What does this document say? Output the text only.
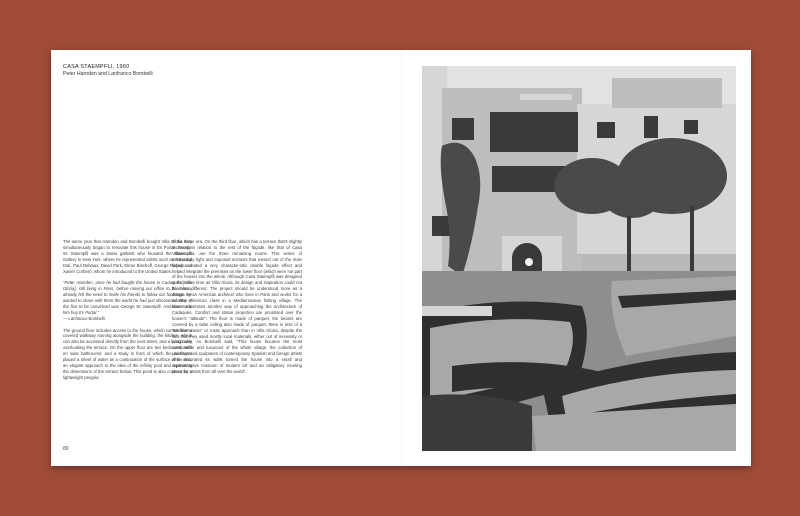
CASA STAEMPFLI, 1960
Peter Harnden and Lanfranco Bombelli

The same year that Harnden and Bombelli bought Villa Gloria they simultaneously began to renovate this house in Es Portal. George W. Staempfli was a Swiss gallerist who founded the Staempfli Gallery in New York, where he represented artists such as Salvador Dalí, Paul Delvaux, David Park, Elmer Bischoff, George Rickey, and Xavier Corberó, whom he introduced to the United States.

"Peter Harnden, once he had bought the house in Cadaqués [Villa Gloria], still living in Paris, before moving our office to Barcelona, already felt the need to invite his friends to follow our footsteps. He wanted to share with them the world he had just discovered. One of the first to be convinced was George W. Staempfli. Harnden made him buy Es Portal."

— Lanfranco Bombelli

The ground floor includes access to the house, which comes from a covered walkway running alongside the building, the kitchen, which can also be accessed directly from the next street, and a living room overlooking the terrace. On the upper floor are two bedrooms, with en suite bathrooms, and a study in front of which the architects placed a sheet of water as a continuation of the surface of the sea, an elegant approach to the idea of the infinity pool and replicating the dimensions of the terrace below. This pond is also covered by a lightweight pergola

of the same era. On the third floor, which has a terrace that's slightly recessed in relation to the rest of the façade, like that of Casa Villavecchia, are the three remaining rooms. This series of increasingly light and exposed terraces that extend out of the main façade created a very character-istic double façade effect and helped integrate the premises on the lower floor (which were not part of the house) into the whole. Although Casa Staempfli was designed at the same time as Villa Gloria, its design and inspiration could not be more different. The project should be understood more as a design by an American architect who lives in Paris and works for a wealthy American client in a Mediterranean fishing village. The house expresses another way of approaching the architecture of Cadaqués. Comfort and status projection are prioritised over the house's "attitude". The floor is made of parquet, the beams are covered by a false ceiling also made of parquet, there is less of a "Mediterranean" or rustic approach than in Villa Gloria, despite the fact that they used mostly local materials, either out of necessity or practicality. As Bombelli said, "This house became the most comfortable and luxurious of the whole village, the collection of paintings and sculptures of contemporary Spanish and foreign artists who decorated its walls turned the house into a small and representative museum of modern art and an obligatory meeting place for artists from all over the world".

80
